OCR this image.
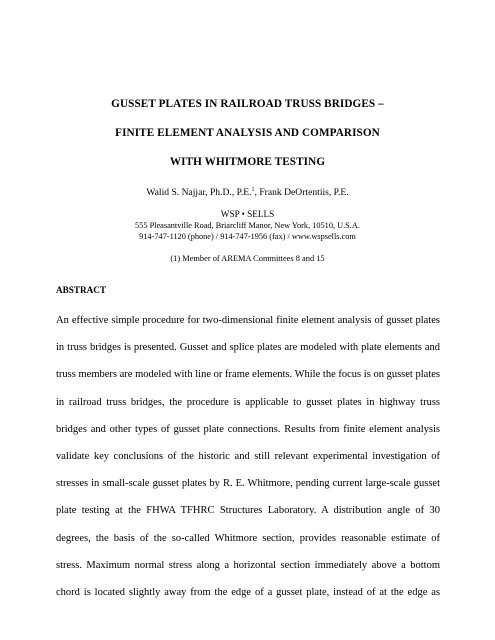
GUSSET PLATES IN RAILROAD TRUSS BRIDGES –
FINITE ELEMENT ANALYSIS AND COMPARISON
WITH WHITMORE TESTING
Walid S. Najjar, Ph.D., P.E.$^1$, Frank DeOrtentiis, P.E.
WSP • SELLS
555 Pleasantville Road, Briarcliff Manor, New York, 10510, U.S.A.
914-747-1120 (phone) / 914-747-1956 (fax) / www.wspsells.com
(1) Member of AREMA Committees 8 and 15
ABSTRACT
An effective simple procedure for two-dimensional finite element analysis of gusset plates
in truss bridges is presented. Gusset and splice plates are modeled with plate elements and
truss members are modeled with line or frame elements. While the focus is on gusset plates
in railroad truss bridges, the procedure is applicable to gusset plates in highway truss
bridges and other types of gusset plate connections. Results from finite element analysis
validate key conclusions of the historic and still relevant experimental investigation of
stresses in small-scale gusset plates by R. E. Whitmore, pending current large-scale gusset
plate testing at the FHWA TFHRC Structures Laboratory. A distribution angle of 30
degrees, the basis of the so-called Whitmore section, provides reasonable estimate of
stress. Maximum normal stress along a horizontal section immediately above a bottom
chord is located slightly away from the edge of a gusset plate, instead of at the edge as
